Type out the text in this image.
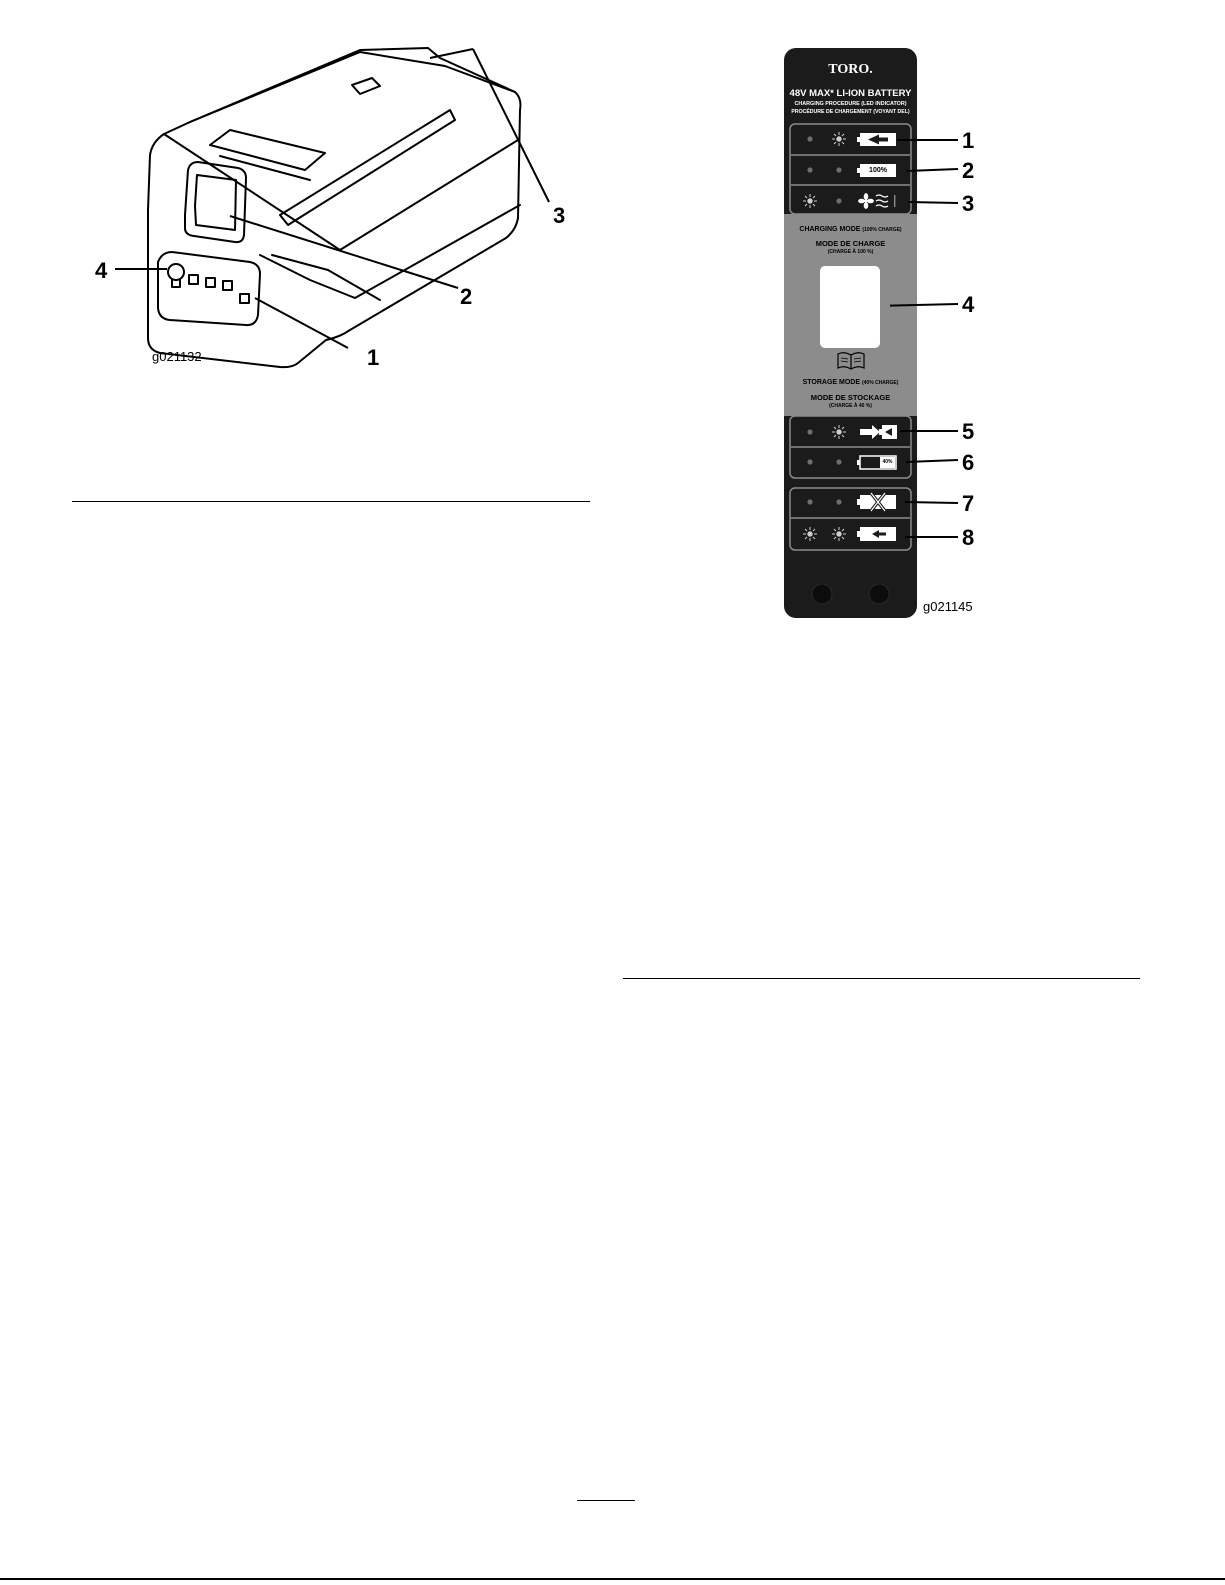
4
2
3
1
g021132
TORO.
48V MAX* LI-ION BATTERY
CHARGING PROCEDURE (LED INDICATOR)
PROCÉDURE DE CHARGEMENT (VOYANT DEL)
CHARGING MODE (100% CHARGE)
MODE DE CHARGE
(CHARGE À 100 %)
STORAGE MODE (40% CHARGE)
MODE DE STOCKAGE
(CHARGE À 40 %)
100%
40%
1
2
3
4
5
6
7
8
g021145
